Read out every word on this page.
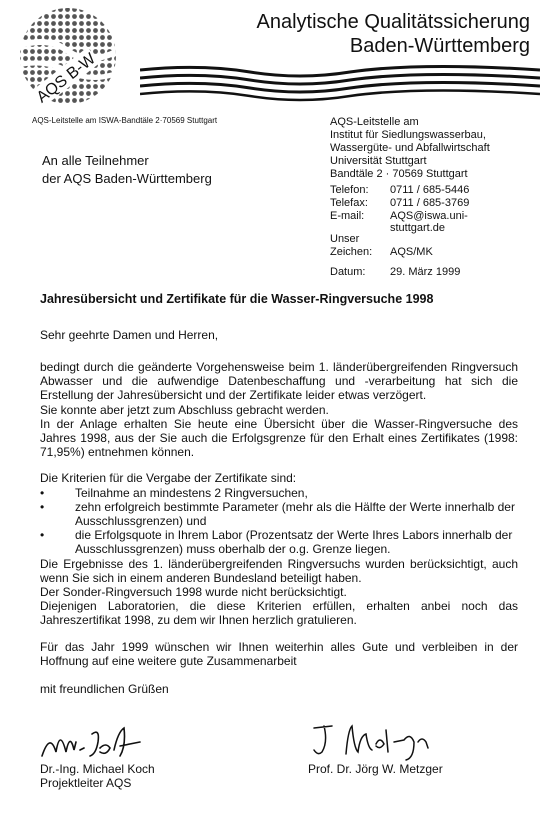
AQS B-W
Analytische Qualitätssicherung
Baden-Württemberg
AQS-Leitstelle am ISWA-Bandtäle 2·70569 Stuttgart
An alle Teilnehmer
der AQS Baden-Württemberg
AQS-Leitstelle am
Institut für Siedlungswasserbau,
Wassergüte- und Abfallwirtschaft
Universität Stuttgart
Bandtäle 2 · 70569 Stuttgart
Telefon: 0711 / 685-5446
Telefax: 0711 / 685-3769
E-mail: AQS@iswa.uni-
stuttgart.de
Unser
Zeichen: AQS/MK
Datum: 29. März 1999
Jahresübersicht und Zertifikate für die Wasser-Ringversuche 1998
Sehr geehrte Damen und Herren,
bedingt durch die geänderte Vorgehensweise beim 1. länderübergreifenden Ringversuch Abwasser und die aufwendige Datenbeschaffung und -verarbeitung hat sich die Erstellung der Jahresübersicht und der Zertifikate leider etwas verzögert.
Sie konnte aber jetzt zum Abschluss gebracht werden.
In der Anlage erhalten Sie heute eine Übersicht über die Wasser-Ringversuche des Jahres 1998, aus der Sie auch die Erfolgsgrenze für den Erhalt eines Zertifikates (1998: 71,95%) entnehmen können.
Die Kriterien für die Vergabe der Zertifikate sind:
•	Teilnahme an mindestens 2 Ringversuchen,
•	zehn erfolgreich bestimmte Parameter (mehr als die Hälfte der Werte innerhalb der Ausschlussgrenzen) und
•	die Erfolgsquote in Ihrem Labor (Prozentsatz der Werte Ihres Labors innerhalb der Ausschlussgrenzen) muss oberhalb der o.g. Grenze liegen.
Die Ergebnisse des 1. länderübergreifenden Ringversuchs wurden berücksichtigt, auch wenn Sie sich in einem anderen Bundesland beteiligt haben.
Der Sonder-Ringversuch 1998 wurde nicht berücksichtigt.
Diejenigen Laboratorien, die diese Kriterien erfüllen, erhalten anbei noch das Jahreszertifikat 1998, zu dem wir Ihnen herzlich gratulieren.
Für das Jahr 1999 wünschen wir Ihnen weiterhin alles Gute und verbleiben in der Hoffnung auf eine weitere gute Zusammenarbeit
mit freundlichen Grüßen
Dr.-Ing. Michael Koch
Projektleiter AQS
Prof. Dr. Jörg W. Metzger
